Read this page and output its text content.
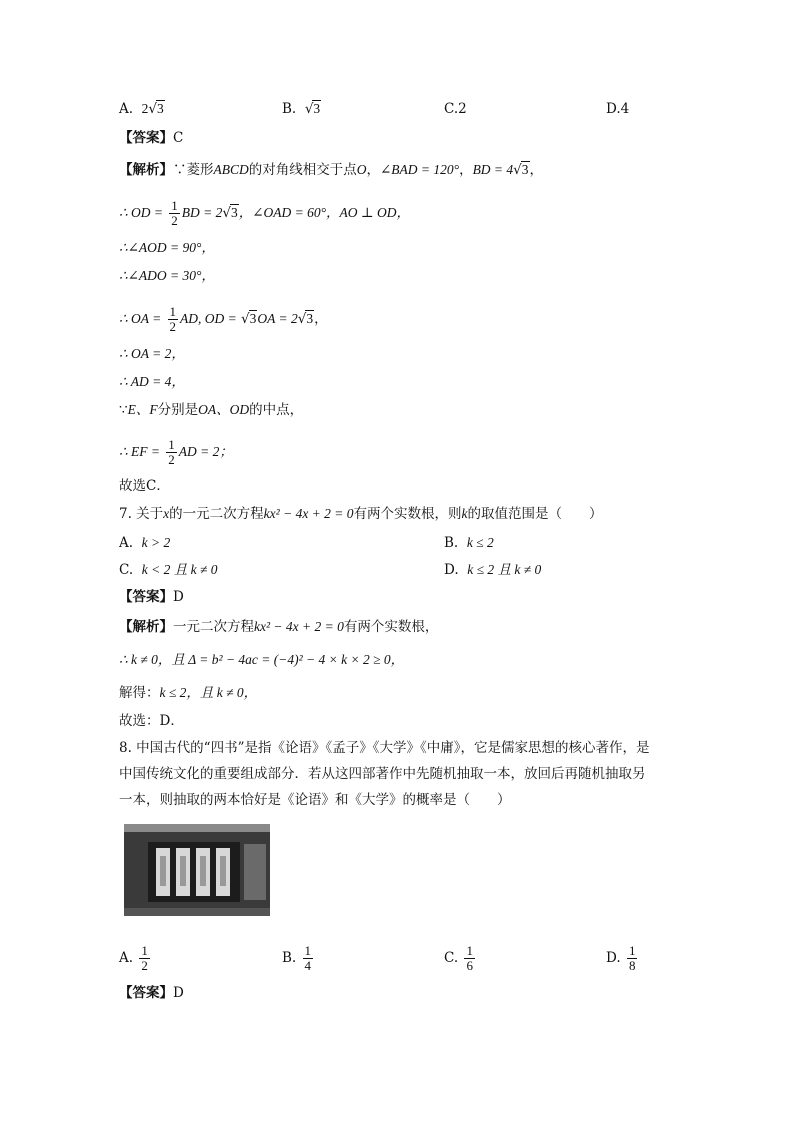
A. 2√3	B. √3	C.2	D.4
【答案】C
【解析】∵菱形ABCD的对角线相交于点O，∠BAD = 120°，BD = 4√3，
∴ OD = $\frac{1}{2}$ BD = 2√3，∠OAD = 60°，AO ⊥ OD，
∴∠AOD = 90°，
∴∠ADO = 30°，
∴ OA = $\frac{1}{2}$ AD, OD = √3OA = 2√3，
∴ OA = 2，
∴ AD = 4，
∵E、F分别是OA、OD的中点，
∴ EF = $\frac{1}{2}$ AD = 2；
故选C．
7. 关于x的一元二次方程kx² − 4x + 2 = 0有两个实数根，则k的取值范围是（　　）
A. k > 2	B. k ≤ 2
C. k < 2 且 k ≠ 0	D. k ≤ 2 且 k ≠ 0
【答案】D
【解析】一元二次方程kx² − 4x + 2 = 0有两个实数根，
∴ k ≠ 0，且 Δ = b² − 4ac = (−4)² − 4 × k × 2 ≥ 0，
解得：k ≤ 2，且 k ≠ 0，
故选：D．
8. 中国古代的“四书”是指《论语》《孟子》《大学》《中庸》，它是儒家思想的核心著作，是
中国传统文化的重要组成部分．若从这四部著作中先随机抽取一本，放回后再随机抽取另
一本，则抽取的两本恰好是《论语》和《大学》的概率是（　　）
A. $\frac{1}{2}$	B. $\frac{1}{4}$	C. $\frac{1}{6}$	D. $\frac{1}{8}$
【答案】D
